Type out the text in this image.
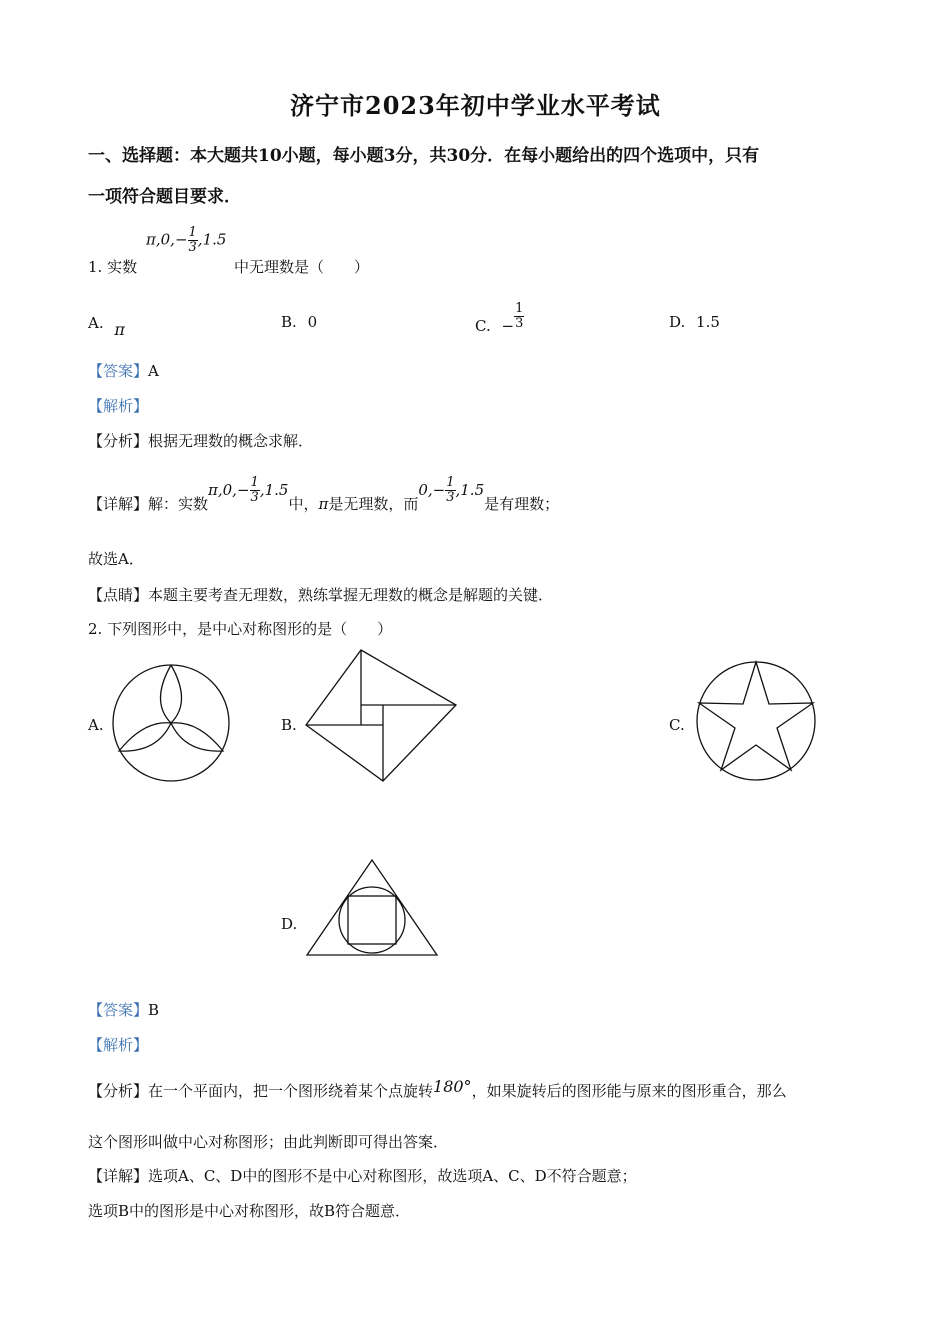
济宁市2023年初中学业水平考试
一、选择题：本大题共10小题，每小题3分，共30分．在每小题给出的四个选项中，只有
一项符合题目要求．
$\pi,0,- \frac{1}{3} ,1.5$
1. 实数	中无理数是（　　）
A. π	B. 0	C. − $\frac{1}{3}$	D. 1.5
【答案】A
【解析】
【分析】根据无理数的概念求解．
【详解】解：实数$\pi,0,- \frac{1}{3} ,1.5$中，π是无理数，而$0,- \frac{1}{3} ,1.5$是有理数；
故选A．
【点睛】本题主要考查无理数，熟练掌握无理数的概念是解题的关键．
2. 下列图形中，是中心对称图形的是（　　）
A.	B.	C.
D.
【答案】B
【解析】
【分析】在一个平面内，把一个图形绕着某个点旋转180°，如果旋转后的图形能与原来的图形重合，那么
这个图形叫做中心对称图形；由此判断即可得出答案．
【详解】选项A、C、D中的图形不是中心对称图形，故选项A、C、D不符合题意；
选项B中的图形是中心对称图形，故B符合题意．
